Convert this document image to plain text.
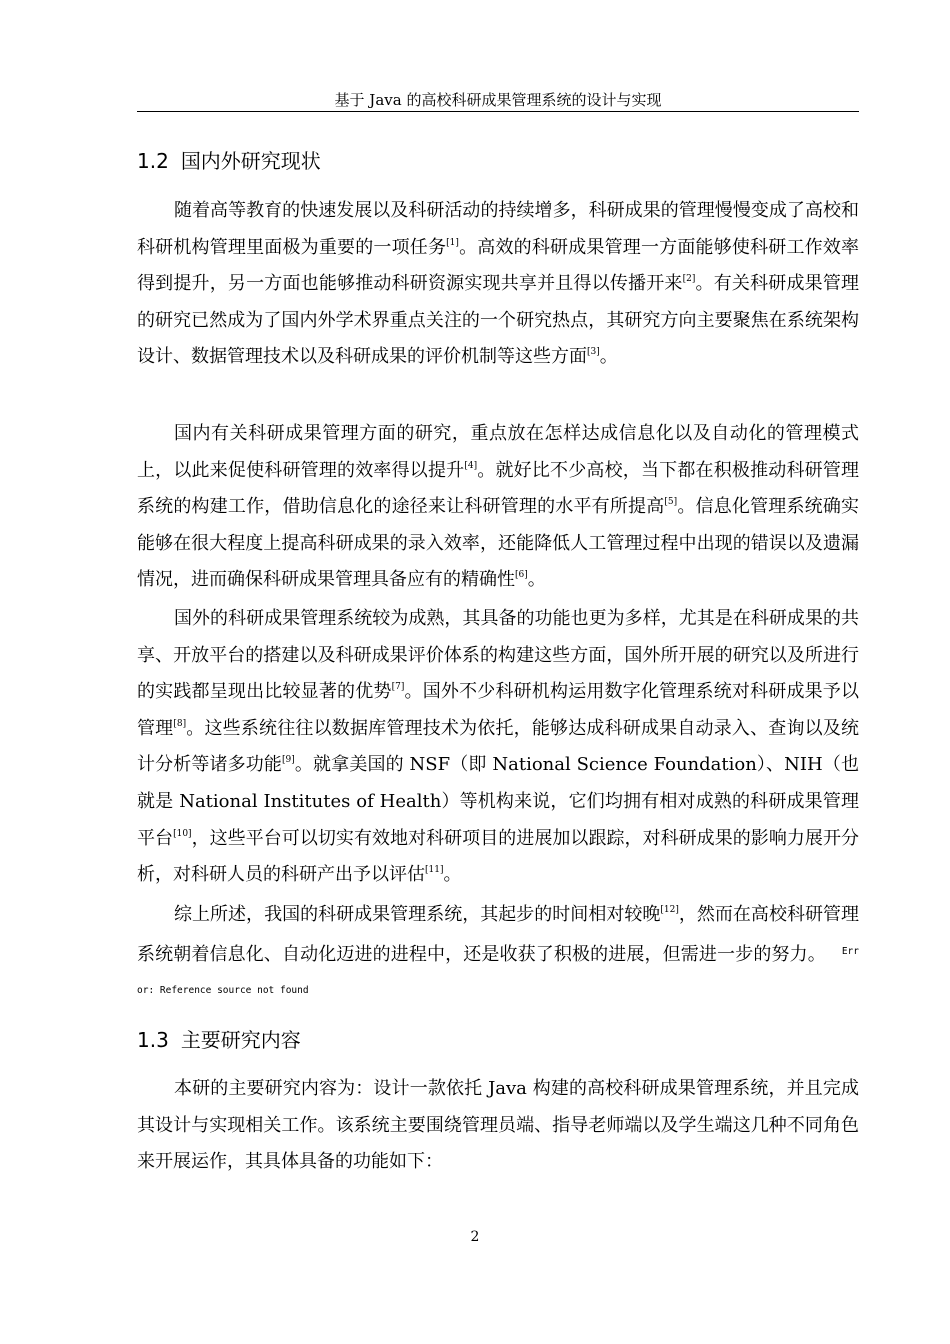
基于 Java 的高校科研成果管理系统的设计与实现
1.2 国内外研究现状

随着高等教育的快速发展以及科研活动的持续增多，科研成果的管理慢慢变成了高校和科研机构管理里面极为重要的一项任务[1]。高效的科研成果管理一方面能够使科研工作效率得到提升，另一方面也能够推动科研资源实现共享并且得以传播开来[2]。有关科研成果管理的研究已然成为了国内外学术界重点关注的一个研究热点，其研究方向主要聚焦在系统架构设计、数据管理技术以及科研成果的评价机制等这些方面[3]。

国内有关科研成果管理方面的研究，重点放在怎样达成信息化以及自动化的管理模式上，以此来促使科研管理的效率得以提升[4]。就好比不少高校，当下都在积极推动科研管理系统的构建工作，借助信息化的途径来让科研管理的水平有所提高[5]。信息化管理系统确实能够在很大程度上提高科研成果的录入效率，还能降低人工管理过程中出现的错误以及遗漏情况，进而确保科研成果管理具备应有的精确性[6]。

国外的科研成果管理系统较为成熟，其具备的功能也更为多样，尤其是在科研成果的共享、开放平台的搭建以及科研成果评价体系的构建这些方面，国外所开展的研究以及所进行的实践都呈现出比较显著的优势[7]。国外不少科研机构运用数字化管理系统对科研成果予以管理[8]。这些系统往往以数据库管理技术为依托，能够达成科研成果自动录入、查询以及统计分析等诸多功能[9]。就拿美国的 NSF（即 National Science Foundation）、NIH（也就是 National Institutes of Health）等机构来说，它们均拥有相对成熟的科研成果管理平台[10]，这些平台可以切实有效地对科研项目的进展加以跟踪，对科研成果的影响力展开分析，对科研人员的科研产出予以评估[11]。

综上所述，我国的科研成果管理系统，其起步的时间相对较晚[12]，然而在高校科研管理系统朝着信息化、自动化迈进的进程中，还是收获了积极的进展，但需进一步的努力。 $^{Error: Reference source not found}$

1.3 主要研究内容

本研的主要研究内容为：设计一款依托 Java 构建的高校科研成果管理系统，并且完成其设计与实现相关工作。该系统主要围绕管理员端、指导老师端以及学生端这几种不同角色来开展运作，其具体具备的功能如下：

2
